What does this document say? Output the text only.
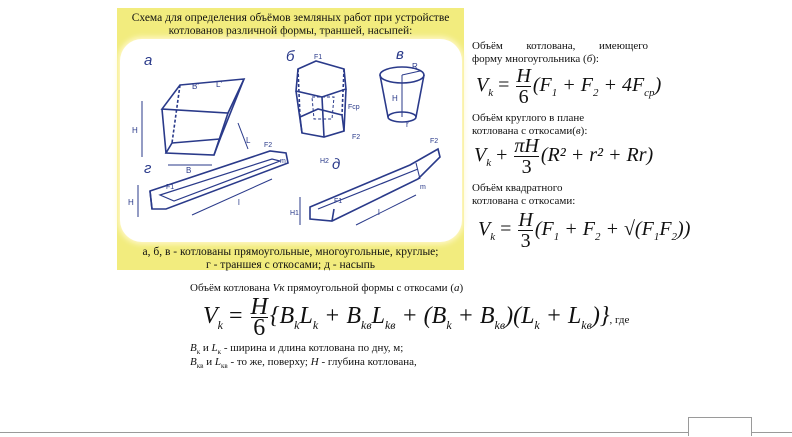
Схема для определения объёмов земляных работ при устройстве
котлованов различной формы, траншей, насыпей:
а	б	в
г	д
B' L'
H
B
L
F1
Fср
F2
R
r
H
F2
F1
H	l
m	H2
H1
F2
F1
l
m
а, б, в - котлованы прямоугольные, многоугольные, круглые;
г - траншея с откосами; д - насыпь
Объём котлована, имеющего
форму многоугольника (б):
$V_k = \frac{H}{6} (F_1 + F_2 + 4F_{ср})$
Объём круглого в плане
котлована с откосами(в):
$V_k + \frac{\pi H}{3} (R^2 + r^2 + Rr)$
Объём квадратного
котлована с откосами:
$V_k = \frac{H}{3} (F_1 + F_2 + √(F_1F_2))$
Объём котлована Vк прямоугольной формы с откосами (а)
$V_k = \frac{H}{6} \{B_kL_k + B_{kв}L_{kв} + (B_k + B_{kв})(L_k + L_{kв})\}$, где
$B_к$ и $L_к$ - ширина и длина котлована по дну, м;
$B_{кв}$ и $L_{кв}$ - то же, поверху; H - глубина котлована,
